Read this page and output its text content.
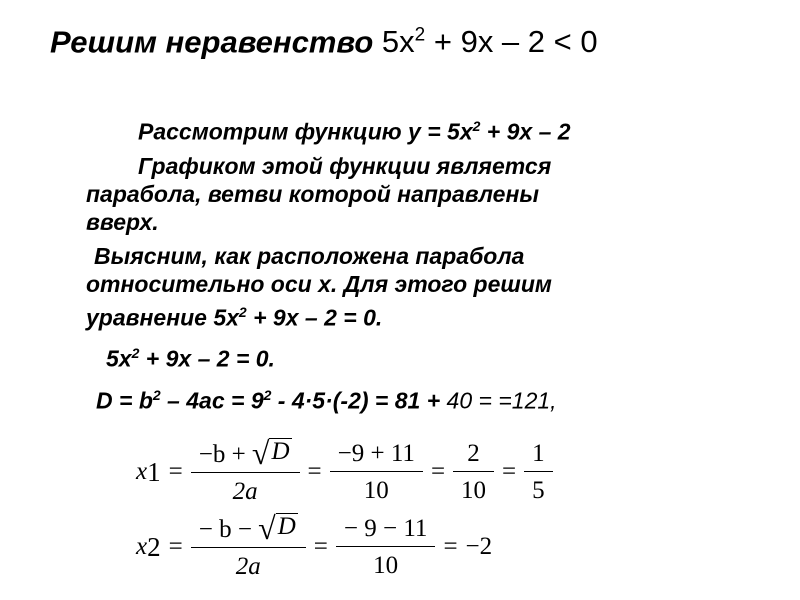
Решим неравенство $5x^2 + 9x - 2 < 0$
Рассмотрим функцию $у = 5х^2 + 9х - 2$
Графиком этой функции является
парабола, ветви которой направлены
вверх.
Выясним, как расположена парабола
относительно оси х. Для этого решим
уравнение $5х^2 + 9х - 2 = 0$.
$5х^2 + 9х - 2 = 0$.
$D = b^2 - 4ac = 9^2 - 4\cdot 5\cdot(-2) = 81 + 40 = =121$,
x $1 = \frac{-b + √ D}{2a} = \frac{-9 + 11}{10} = \frac{2}{10} = \frac{1}{5}$
x $2 = \frac{- b - √ D}{2a} = \frac{- 9 - 11}{10} = -2$
